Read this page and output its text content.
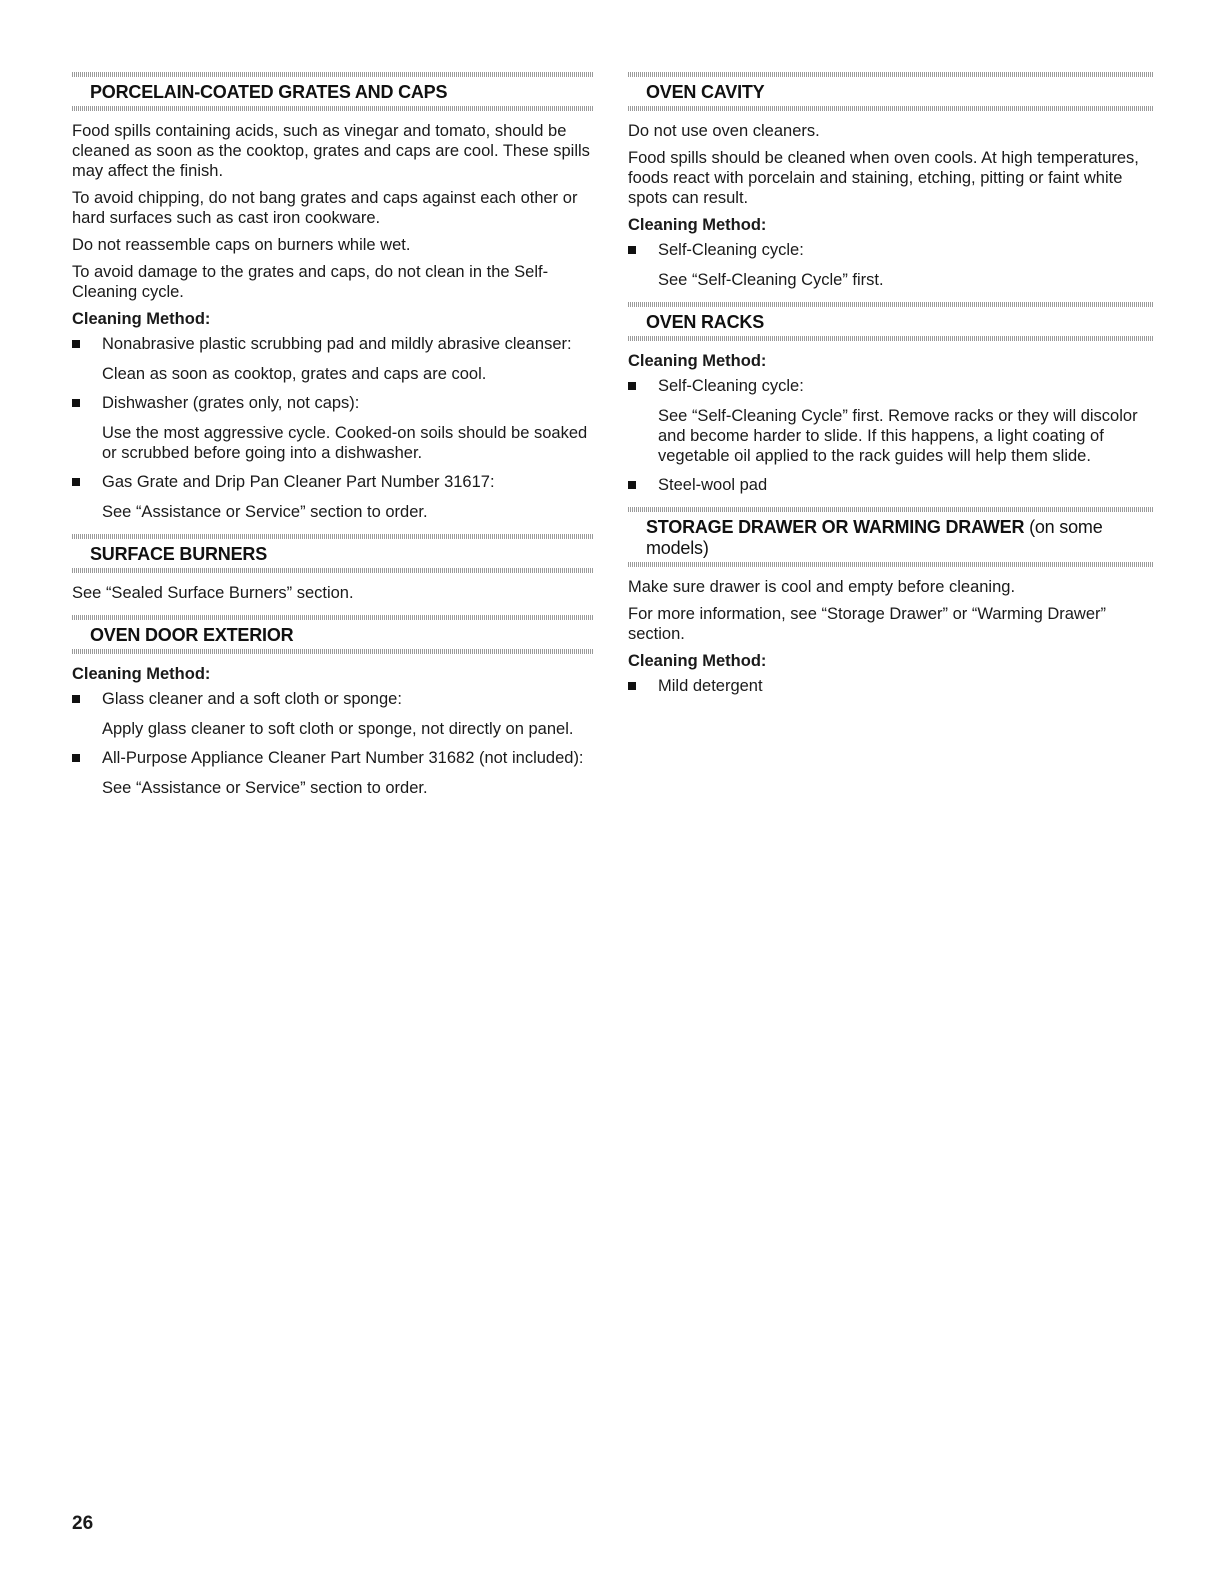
PORCELAIN-COATED GRATES AND CAPS

Food spills containing acids, such as vinegar and tomato, should be cleaned as soon as the cooktop, grates and caps are cool. These spills may affect the finish.

To avoid chipping, do not bang grates and caps against each other or hard surfaces such as cast iron cookware.

Do not reassemble caps on burners while wet.

To avoid damage to the grates and caps, do not clean in the Self-Cleaning cycle.

Cleaning Method:
Nonabrasive plastic scrubbing pad and mildly abrasive cleanser:
Clean as soon as cooktop, grates and caps are cool.
Dishwasher (grates only, not caps):
Use the most aggressive cycle. Cooked-on soils should be soaked or scrubbed before going into a dishwasher.
Gas Grate and Drip Pan Cleaner Part Number 31617:
See “Assistance or Service” section to order.
SURFACE BURNERS

See “Sealed Surface Burners” section.

OVEN DOOR EXTERIOR
Cleaning Method:
Glass cleaner and a soft cloth or sponge:
Apply glass cleaner to soft cloth or sponge, not directly on panel.
All-Purpose Appliance Cleaner Part Number 31682 (not included):
See “Assistance or Service” section to order.
OVEN CAVITY

Do not use oven cleaners.

Food spills should be cleaned when oven cools. At high temperatures, foods react with porcelain and staining, etching, pitting or faint white spots can result.

Cleaning Method:
Self-Cleaning cycle:
See “Self-Cleaning Cycle” first.
OVEN RACKS
Cleaning Method:
Self-Cleaning cycle:
See “Self-Cleaning Cycle” first. Remove racks or they will discolor and become harder to slide. If this happens, a light coating of vegetable oil applied to the rack guides will help them slide.
Steel-wool pad
STORAGE DRAWER OR WARMING DRAWER (on some models)

Make sure drawer is cool and empty before cleaning.

For more information, see “Storage Drawer” or “Warming Drawer” section.

Cleaning Method:
Mild detergent
26
